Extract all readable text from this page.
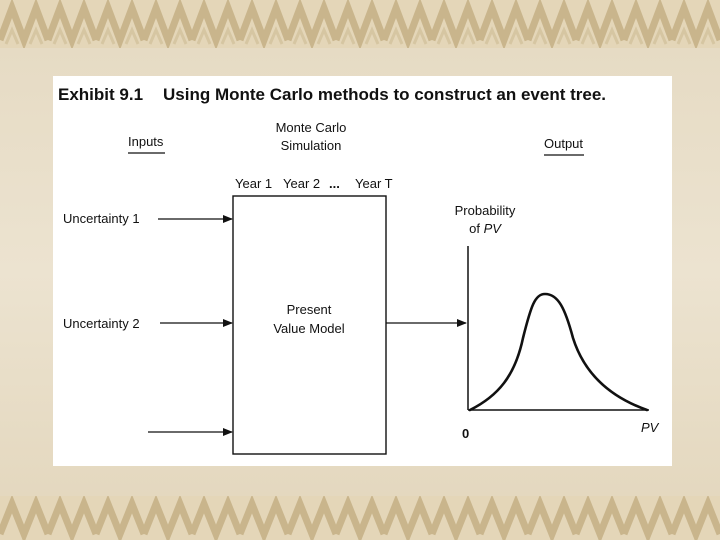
Exhibit 9.1 Using Monte Carlo methods to construct an event tree.
Inputs
Monte Carlo
Simulation	Output
Year 1 Year 2 ... Year T
Present
Value Model
Uncertainty 1
Uncertainty 2
Probability
of PV
0	PV
